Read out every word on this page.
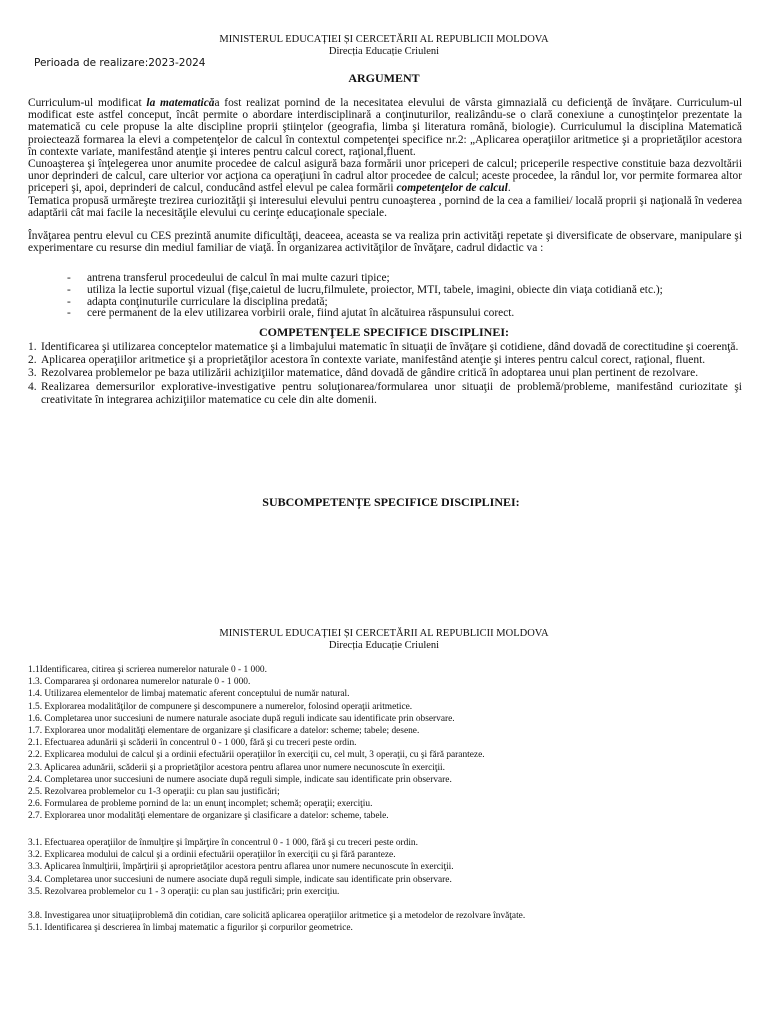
MINISTERUL EDUCAȚIEI ȘI CERCETĂRII AL REPUBLICII MOLDOVA
Direcția Educație Criuleni
Perioada de realizare:2023-2024
ARGUMENT
Curriculum-ul modificat la matematicăa fost realizat pornind de la necesitatea elevului de vârsta gimnazială cu deficienţă de învăţare. Curriculum-ul modificat este astfel conceput, încât permite o abordare interdisciplinară a conţinuturilor, realizându-se o clară conexiune a cunoştinţelor prezentate la matematică cu cele propuse la alte discipline proprii ştiinţelor (geografia, limba şi literatura română, biologie). Curriculumul la disciplina Matematică proiectează formarea la elevi a competenţelor de calcul în contextul competenţei specifice nr.2: „Aplicarea operaţiilor aritmetice şi a proprietăţilor acestora în contexte variate, manifestând atenţie şi interes pentru calcul corect, raţional,fluent.
Cunoaşterea şi înţelegerea unor anumite procedee de calcul asigură baza formării unor priceperi de calcul; priceperile respective constituie baza dezvoltării unor deprinderi de calcul, care ulterior vor acţiona ca operaţiuni în cadrul altor procedee de calcul; aceste procedee, la rândul lor, vor permite formarea altor priceperi şi, apoi, deprinderi de calcul, conducând astfel elevul pe calea formării competenţelor de calcul.
Tematica propusă urmăreşte trezirea curiozităţii şi interesului elevului pentru cunoaşterea , pornind de la cea a familiei/ locală proprii şi naţională în vederea adaptării cât mai facile la necesităţile elevului cu cerinţe educaţionale speciale.
Învăţarea pentru elevul cu CES prezintă anumite dificultăţi, deaceea, aceasta se va realiza prin activităţi repetate şi diversificate de observare, manipulare şi experimentare cu resurse din mediul familiar de viaţă. În organizarea activităţilor de învăţare, cadrul didactic va :
- antrena transferul procedeului de calcul în mai multe cazuri tipice;
- utiliza la lectie suportul vizual (fişe,caietul de lucru,filmulete, proiector, MTI, tabele, imagini, obiecte din viaţa cotidiană etc.);
- adapta conţinuturile curriculare la disciplina predată;
- cere permanent de la elev utilizarea vorbirii orale, fiind ajutat în alcătuirea răspunsului corect.
COMPETENŢELE SPECIFICE DISCIPLINEI:
1. Identificarea şi utilizarea conceptelor matematice şi a limbajului matematic în situaţii de învăţare şi cotidiene, dând dovadă de corectitudine şi coerenţă.
2. Aplicarea operaţiilor aritmetice şi a proprietăţilor acestora în contexte variate, manifestând atenţie şi interes pentru calcul corect, raţional, fluent.
3. Rezolvarea problemelor pe baza utilizării achiziţiilor matematice, dând dovadă de gândire critică în adoptarea unui plan pertinent de rezolvare.
4. Realizarea demersurilor explorative-investigative pentru soluţionarea/formularea unor situaţii de problemă/probleme, manifestând curiozitate şi creativitate în integrarea achiziţiilor matematice cu cele din alte domenii.
SUBCOMPETENȚE SPECIFICE DISCIPLINEI:
MINISTERUL EDUCAȚIEI ȘI CERCETĂRII AL REPUBLICII MOLDOVA
Direcția Educație Criuleni
1.1Identificarea, citirea şi scrierea numerelor naturale 0 - 1 000.
1.3. Compararea şi ordonarea numerelor naturale 0 - 1 000.
1.4. Utilizarea elementelor de limbaj matematic aferent conceptului de număr natural.
1.5. Explorarea modalităţilor de compunere şi descompunere a numerelor, folosind operaţii aritmetice.
1.6. Completarea unor succesiuni de numere naturale asociate după reguli indicate sau identificate prin observare.
1.7. Explorarea unor modalităţi elementare de organizare şi clasificare a datelor: scheme; tabele; desene.
2.1. Efectuarea adunării şi scăderii în concentrul 0 - 1 000, fără şi cu treceri peste ordin.
2.2. Explicarea modului de calcul şi a ordinii efectuării operaţiilor în exerciţii cu, cel mult, 3 operaţii, cu şi fără paranteze.
2.3. Aplicarea adunării, scăderii şi a proprietăţilor acestora pentru aflarea unor numere necunoscute în exerciţii.
2.4. Completarea unor succesiuni de numere asociate după reguli simple, indicate sau identificate prin observare.
2.5. Rezolvarea problemelor cu 1-3 operaţii: cu plan sau justificări;
2.6. Formularea de probleme pornind de la: un enunţ incomplet; schemă; operaţii; exerciţiu.
2.7. Explorarea unor modalităţi elementare de organizare şi clasificare a datelor: scheme, tabele.
3.1. Efectuarea operaţiilor de înmulţire şi împărţire în concentrul 0 - 1 000, fără şi cu treceri peste ordin.
3.2. Explicarea modului de calcul şi a ordinii efectuării operaţiilor în exerciţii cu şi fără paranteze.
3.3. Aplicarea înmulţirii, împărţirii şi aproprietăţilor acestora pentru aflarea unor numere necunoscute în exerciţii.
3.4. Completarea unor succesiuni de numere asociate după reguli simple, indicate sau identificate prin observare.
3.5. Rezolvarea problemelor cu 1 - 3 operaţii: cu plan sau justificări; prin exerciţiu.
3.8. Investigarea unor situaţiiproblemă din cotidian, care solicită aplicarea operaţiilor aritmetice şi a metodelor de rezolvare învăţate.
5.1. Identificarea şi descrierea în limbaj matematic a figurilor şi corpurilor geometrice.
